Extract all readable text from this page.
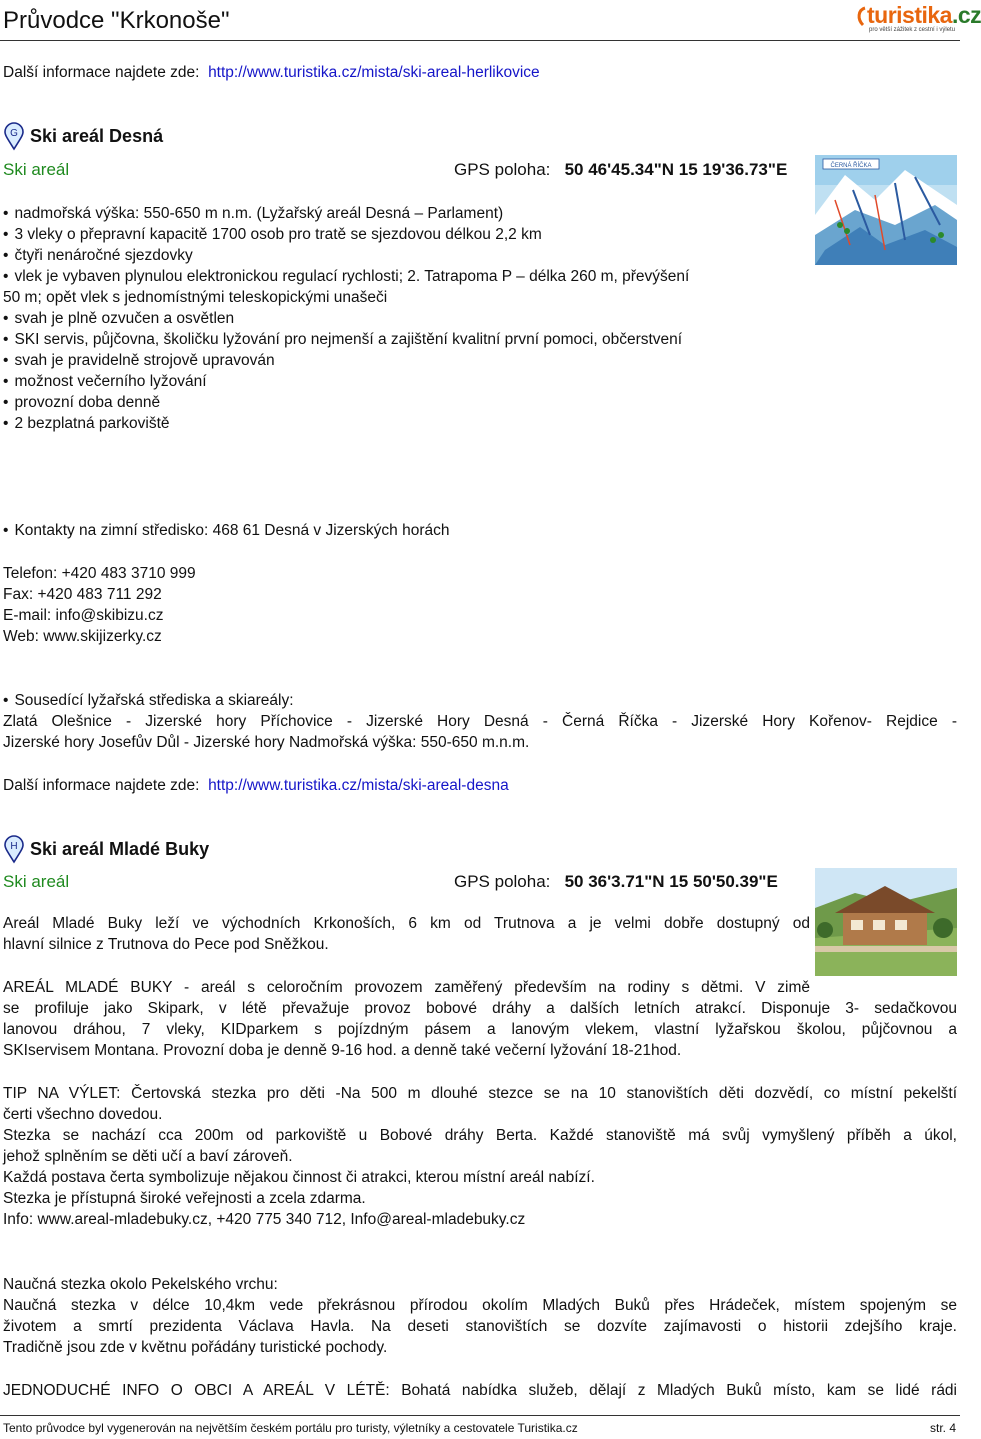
Průvodce "Krkonoše"	turistika.cz
pro větší zážitek z cestní i výletu
Další informace najdete zde: http://www.turistika.cz/mista/ski-areal-herlikovice
G Ski areál Desná
Ski areál	GPS poloha: 50 46'45.34"N 15 19'36.73"E	ČERNÁ ŘÍČKA
• nadmořská výška: 550-650 m n.m. (Lyžařský areál Desná – Parlament)
• 3 vleky o přepravní kapacitě 1700 osob pro tratě se sjezdovou délkou 2,2 km
• čtyři nenáročné sjezdovky
• vlek je vybaven plynulou elektronickou regulací rychlosti; 2. Tatrapoma P – délka 260 m, převýšení
50 m; opět vlek s jednomístnými teleskopickými unašeči
• svah je plně ozvučen a osvětlen
• SKI servis, půjčovna, školičku lyžování pro nejmenší a zajištění kvalitní první pomoci, občerstvení
• svah je pravidelně strojově upravován
• možnost večerního lyžování
• provozní doba denně
• 2 bezplatná parkoviště
• Kontakty na zimní středisko: 468 61 Desná v Jizerských horách
Telefon: +420 483 3710 999
Fax: +420 483 711 292
E-mail: info@skibizu.cz
Web: www.skijizerky.cz
• Sousedící lyžařská střediska a skiareály:
Zlatá Olešnice - Jizerské hory Příchovice - Jizerské Hory Desná - Černá Říčka - Jizerské Hory Kořenov- Rejdice -
Jizerské hory Josefův Důl - Jizerské hory Nadmořská výška: 550-650 m.n.m.
Další informace najdete zde: http://www.turistika.cz/mista/ski-areal-desna
H Ski areál Mladé Buky
Ski areál	GPS poloha: 50 36'3.71"N 15 50'50.39"E
Areál Mladé Buky leží ve východních Krkonoších, 6 km od Trutnova a je velmi dobře dostupný od
hlavní silnice z Trutnova do Pece pod Sněžkou.
AREÁL MLADÉ BUKY - areál s celoročním provozem zaměřený především na rodiny s dětmi. V zimě
se profiluje jako Skipark, v létě převažuje provoz bobové dráhy a dalších letních atrakcí. Disponuje 3- sedačkovou
lanovou dráhou, 7 vleky, KIDparkem s pojízdným pásem a lanovým vlekem, vlastní lyžařskou školou, půjčovnou a
SKIservisem Montana. Provozní doba je denně 9-16 hod. a denně také večerní lyžování 18-21hod.
TIP NA VÝLET: Čertovská stezka pro děti -Na 500 m dlouhé stezce se na 10 stanovištích děti dozvědí, co místní pekelští
čerti všechno dovedou.
Stezka se nachází cca 200m od parkoviště u Bobové dráhy Berta. Každé stanoviště má svůj vymyšlený příběh a úkol,
jehož splněním se děti učí a baví zároveň.
Každá postava čerta symbolizuje nějakou činnost či atrakci, kterou místní areál nabízí.
Stezka je přístupná široké veřejnosti a zcela zdarma.
Info: www.areal-mladebuky.cz, +420 775 340 712, Info@areal-mladebuky.cz
Naučná stezka okolo Pekelského vrchu:
Naučná stezka v délce 10,4km vede překrásnou přírodou okolím Mladých Buků přes Hrádeček, místem spojeným se
životem a smrtí prezidenta Václava Havla. Na deseti stanovištích se dozvíte zajímavosti o historii zdejšího kraje.
Tradičně jsou zde v květnu pořádány turistické pochody.
JEDNODUCHÉ INFO O OBCI A AREÁL V LÉTĚ: Bohatá nabídka služeb, dělají z Mladých Buků místo, kam se lidé rádi
Tento průvodce byl vygenerován na největším českém portálu pro turisty, výletníky a cestovatele Turistika.cz	str. 4
